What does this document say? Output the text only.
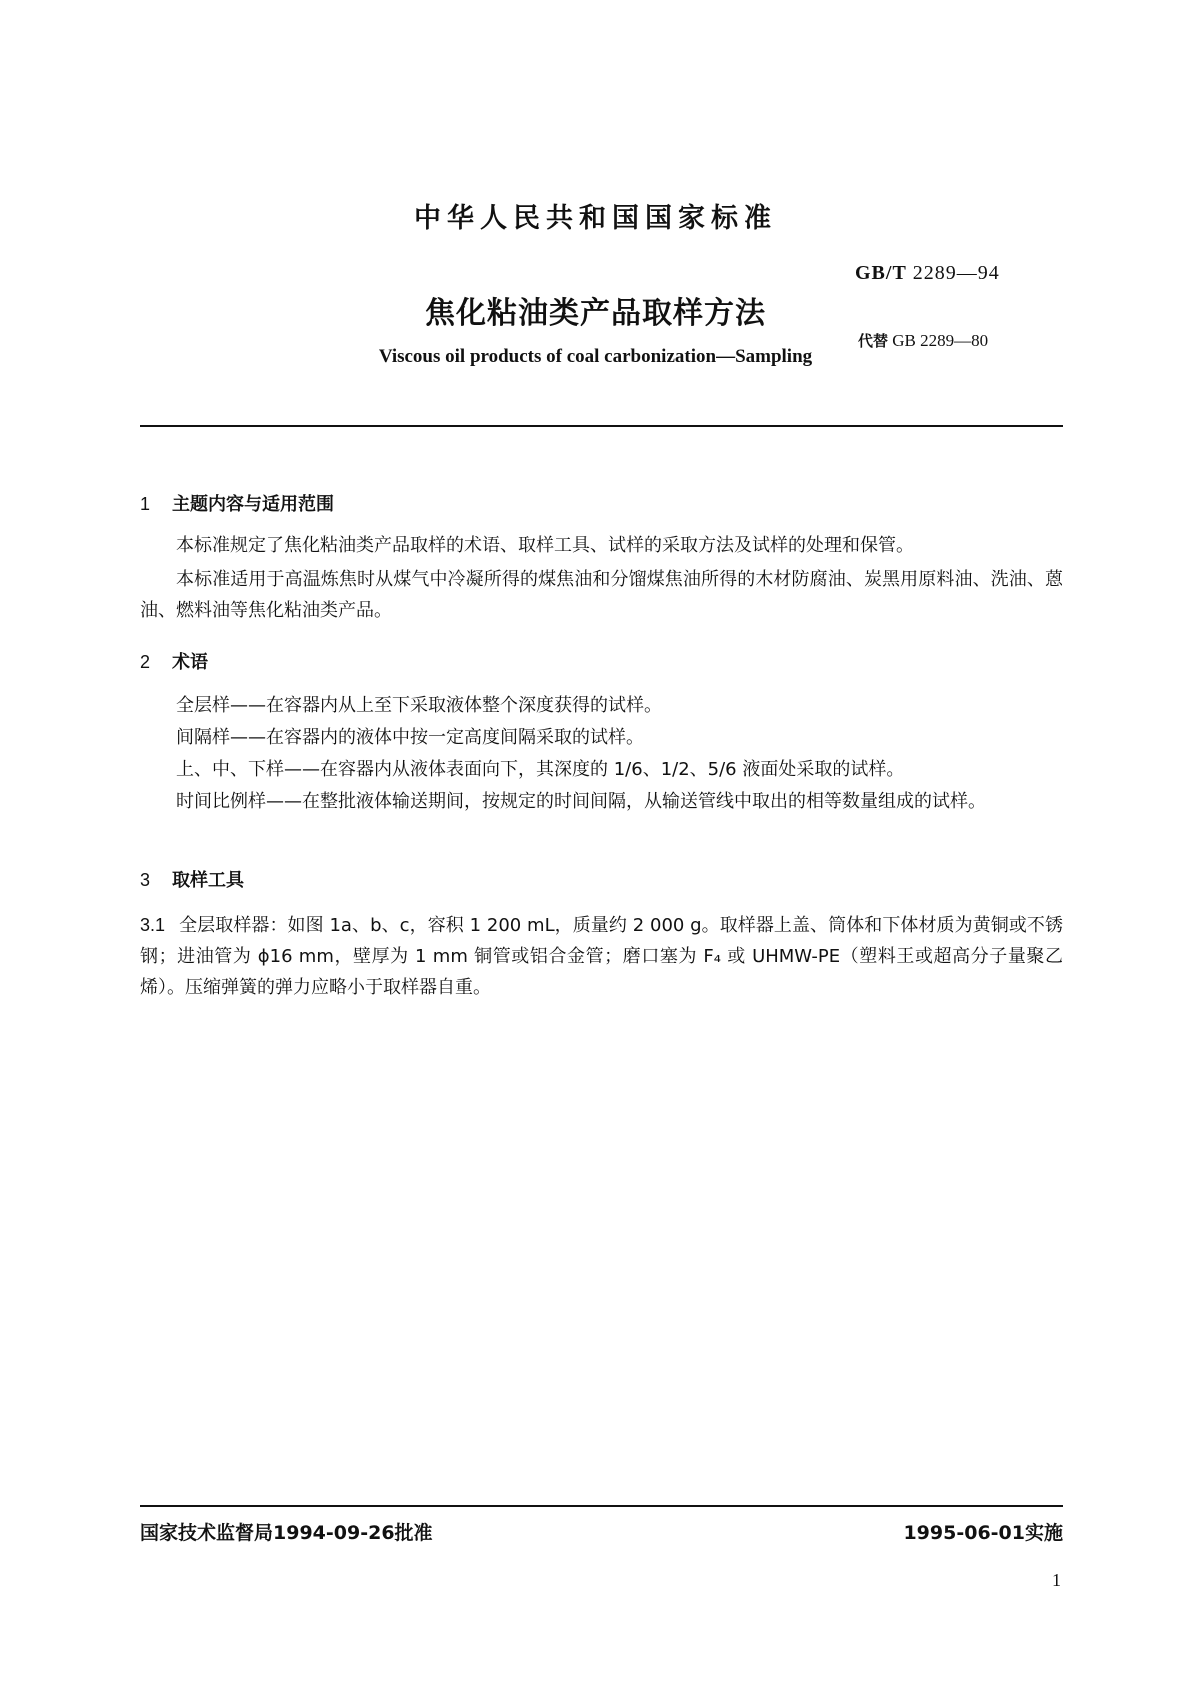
中华人民共和国国家标准
GB/T 2289—94
焦化粘油类产品取样方法
代替 GB 2289—80
Viscous oil products of coal carbonization—Sampling
1 主题内容与适用范围
本标准规定了焦化粘油类产品取样的术语、取样工具、试样的采取方法及试样的处理和保管。
本标准适用于高温炼焦时从煤气中冷凝所得的煤焦油和分馏煤焦油所得的木材防腐油、炭黑用原料油、洗油、蒽油、燃料油等焦化粘油类产品。
2 术语
全层样——在容器内从上至下采取液体整个深度获得的试样。
间隔样——在容器内的液体中按一定高度间隔采取的试样。
上、中、下样——在容器内从液体表面向下，其深度的 1/6、1/2、5/6 液面处采取的试样。
时间比例样——在整批液体输送期间，按规定的时间间隔，从输送管线中取出的相等数量组成的试样。
3 取样工具
3.1 全层取样器：如图 1a、b、c，容积 1 200 mL，质量约 2 000 g。取样器上盖、筒体和下体材质为黄铜或不锈钢；进油管为 ϕ16 mm，壁厚为 1 mm 铜管或铝合金管；磨口塞为 F₄ 或 UHMW-PE（塑料王或超高分子量聚乙烯）。压缩弹簧的弹力应略小于取样器自重。
国家技术监督局1994-09-26批准	1995-06-01实施
1
